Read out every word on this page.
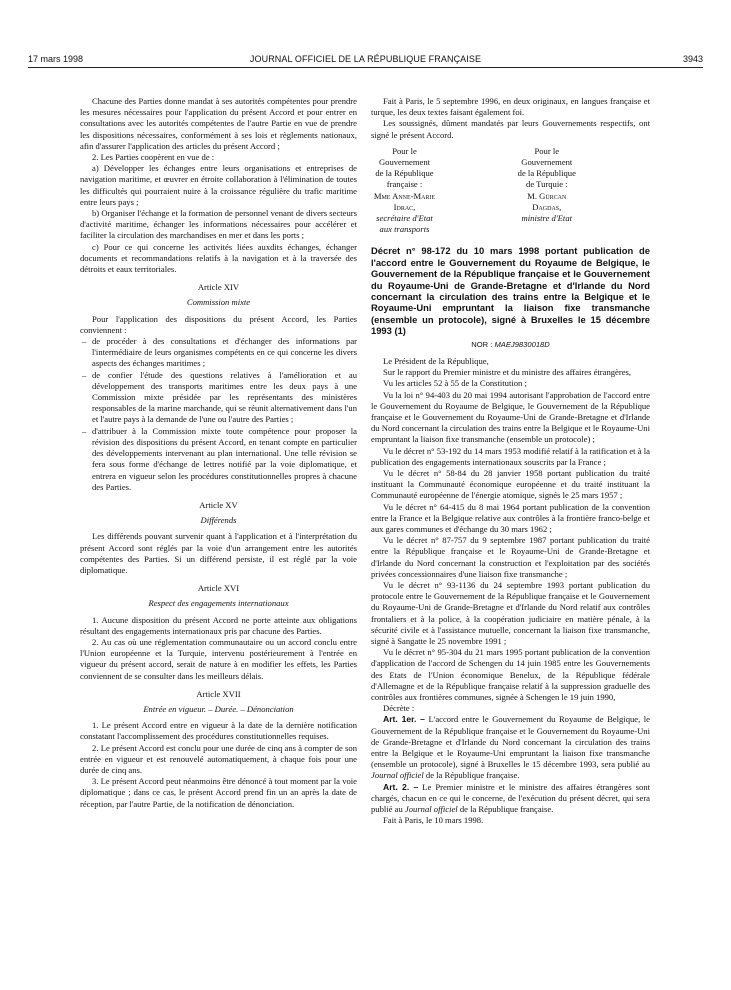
17 mars 1998	JOURNAL OFFICIEL DE LA RÉPUBLIQUE FRANÇAISE	3943

Chacune des Parties donne mandat à ses autorités compétentes pour prendre les mesures nécessaires pour l'application du présent Accord et pour entrer en consultations avec les autorités compétentes de l'autre Partie en vue de prendre les dispositions nécessaires, conformément à ses lois et règlements nationaux, afin d'assurer l'application des articles du présent Accord ;

2. Les Parties coopèrent en vue de :

a) Développer les échanges entre leurs organisations et entreprises de navigation maritime, et œuvrer en étroite collaboration à l'élimination de toutes les difficultés qui pourraient nuire à la croissance régulière du trafic maritime entre leurs pays ;

b) Organiser l'échange et la formation de personnel venant de divers secteurs d'activité maritime, échanger les informations nécessaires pour accélérer et faciliter la circulation des marchandises en mer et dans les ports ;

c) Pour ce qui concerne les activités liées auxdits échanges, échanger documents et recommandations relatifs à la navigation et à la traversée des détroits et eaux territoriales.

Article XIV
Commission mixte

Pour l'application des dispositions du présent Accord, les Parties conviennent :

– de procéder à des consultations et d'échanger des informations par l'intermédiaire de leurs organismes compétents en ce qui concerne les divers aspects des échanges maritimes ;
– de confier l'étude des questions relatives à l'amélioration et au développement des transports maritimes entre les deux pays à une Commission mixte présidée par les représentants des ministères responsables de la marine marchande, qui se réunit alternativement dans l'un et l'autre pays à la demande de l'une ou l'autre des Parties ;
– d'attribuer à la Commission mixte toute compétence pour proposer la révision des dispositions du présent Accord, en tenant compte en particulier des développements intervenant au plan international. Une telle révision se fera sous forme d'échange de lettres notifié par la voie diplomatique, et entrera en vigueur selon les procédures constitutionnelles propres à chacune des Parties.
Article XV
Différends

Les différends pouvant survenir quant à l'application et à l'interprétation du présent Accord sont réglés par la voie d'un arrangement entre les autorités compétentes des Parties. Si un différend persiste, il est réglé par la voie diplomatique.

Article XVI
Respect des engagements internationaux

1. Aucune disposition du présent Accord ne porte atteinte aux obligations résultant des engagements internationaux pris par chacune des Parties.

2. Au cas où une réglementation communautaire ou un accord conclu entre l'Union européenne et la Turquie, intervenu postérieurement à l'entrée en vigueur du présent accord, serait de nature à en modifier les effets, les Parties conviennent de se consulter dans les meilleurs délais.

Article XVII
Entrée en vigueur. – Durée. – Dénonciation

1. Le présent Accord entre en vigueur à la date de la dernière notification constatant l'accomplissement des procédures constitutionnelles requises.

2. Le présent Accord est conclu pour une durée de cinq ans à compter de son entrée en vigueur et est renouvelé automatiquement, à chaque fois pour une durée de cinq ans.

3. Le présent Accord peut néanmoins être dénoncé à tout moment par la voie diplomatique ; dans ce cas, le présent Accord prend fin un an après la date de réception, par l'autre Partie, de la notification de dénonciation.

Fait à Paris, le 5 septembre 1996, en deux originaux, en langues française et turque, les deux textes faisant également foi.

Les soussignés, dûment mandatés par leurs Gouvernements respectifs, ont signé le présent Accord.

Pour le Gouvernement
de la République française :
Mme Anne-Marie Idrac,
secrétaire d'Etat aux transports
Pour le Gouvernement
de la République de Turquie :
M. Gürcan Dagdas,
ministre d'Etat
Décret n° 98-172 du 10 mars 1998 portant publication de l'accord entre le Gouvernement du Royaume de Belgique, le Gouvernement de la République française et le Gouvernement du Royaume-Uni de Grande-Bretagne et d'Irlande du Nord concernant la circulation des trains entre la Belgique et le Royaume-Uni empruntant la liaison fixe transmanche (ensemble un protocole), signé à Bruxelles le 15 décembre 1993 (1)
NOR : MAEJ9830018D

Le Président de la République,

Sur le rapport du Premier ministre et du ministre des affaires étrangères,

Vu les articles 52 à 55 de la Constitution ;

Vu la loi n° 94-403 du 20 mai 1994 autorisant l'approbation de l'accord entre le Gouvernement du Royaume de Belgique, le Gouvernement de la République française et le Gouvernement du Royaume-Uni de Grande-Bretagne et d'Irlande du Nord concernant la circulation des trains entre la Belgique et le Royaume-Uni empruntant la liaison fixe transmanche (ensemble un protocole) ;

Vu le décret n° 53-192 du 14 mars 1953 modifié relatif à la ratification et à la publication des engagements internationaux souscrits par la France ;

Vu le décret n° 58-84 du 28 janvier 1958 portant publication du traité instituant la Communauté économique européenne et du traité instituant la Communauté européenne de l'énergie atomique, signés le 25 mars 1957 ;

Vu le décret n° 64-415 du 8 mai 1964 portant publication de la convention entre la France et la Belgique relative aux contrôles à la frontière franco-belge et aux gares communes et d'échange du 30 mars 1962 ;

Vu le décret n° 87-757 du 9 septembre 1987 portant publication du traité entre la République française et le Royaume-Uni de Grande-Bretagne et d'Irlande du Nord concernant la construction et l'exploitation par des sociétés privées concessionnaires d'une liaison fixe transmanche ;

Vu le décret n° 93-1136 du 24 septembre 1993 portant publication du protocole entre le Gouvernement de la République française et le Gouvernement du Royaume-Uni de Grande-Bretagne et d'Irlande du Nord relatif aux contrôles frontaliers et à la police, à la coopération judiciaire en matière pénale, à la sécurité civile et à l'assistance mutuelle, concernant la liaison fixe transmanche, signé à Sangatte le 25 novembre 1991 ;

Vu le décret n° 95-304 du 21 mars 1995 portant publication de la convention d'application de l'accord de Schengen du 14 juin 1985 entre les Gouvernements des Etats de l'Union économique Benelux, de la République fédérale d'Allemagne et de la République française relatif à la suppression graduelle des contrôles aux frontières communes, signée à Schengen le 19 juin 1990,

Décrète :

Art. 1er. – L'accord entre le Gouvernement du Royaume de Belgique, le Gouvernement de la République française et le Gouvernement du Royaume-Uni de Grande-Bretagne et d'Irlande du Nord concernant la circulation des trains entre la Belgique et le Royaume-Uni empruntant la liaison fixe transmanche (ensemble un protocole), signé à Bruxelles le 15 décembre 1993, sera publié au Journal officiel de la République française.

Art. 2. – Le Premier ministre et le ministre des affaires étrangères sont chargés, chacun en ce qui le concerne, de l'exécution du présent décret, qui sera publié au Journal officiel de la République française.

Fait à Paris, le 10 mars 1998.
